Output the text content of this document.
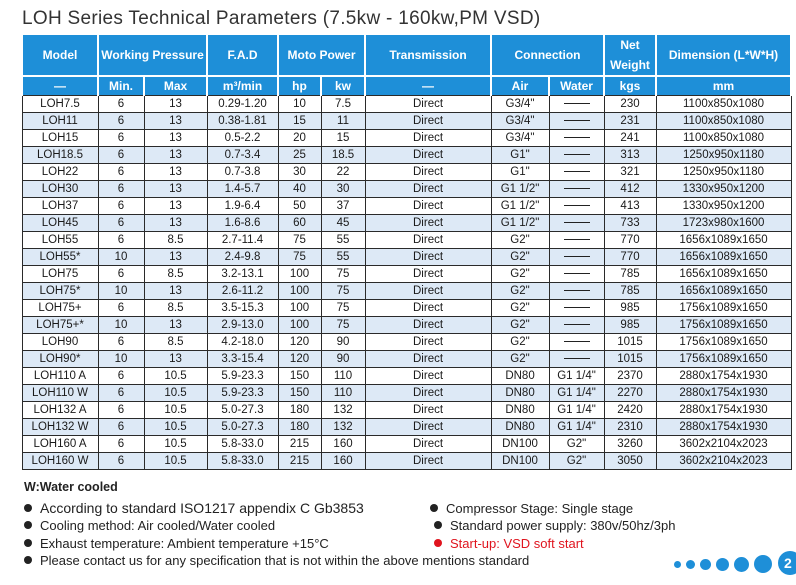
LOH Series Technical Parameters (7.5kw - 160kw,PM VSD)
Model	Working Pressure		F.A.D	Moto Power		Transmission	Connection		Net Weight	Dimension (L*W*H)

—	Min.	Max	m³/min	hp	kw	—	Air	Water	kgs	mm
LOH7.5	6	13	0.29-1.20	10	7.5	Direct	G3/4"		230	1100x850x1080
LOH11	6	13	0.38-1.81	15	11	Direct	G3/4"		231	1100x850x1080
LOH15	6	13	0.5-2.2	20	15	Direct	G3/4"		241	1100x850x1080
LOH18.5	6	13	0.7-3.4	25	18.5	Direct	G1"		313	1250x950x1180
LOH22	6	13	0.7-3.8	30	22	Direct	G1"		321	1250x950x1180
LOH30	6	13	1.4-5.7	40	30	Direct	G1 1/2"		412	1330x950x1200
LOH37	6	13	1.9-6.4	50	37	Direct	G1 1/2"		413	1330x950x1200
LOH45	6	13	1.6-8.6	60	45	Direct	G1 1/2"		733	1723x980x1600
LOH55	6	8.5	2.7-11.4	75	55	Direct	G2"		770	1656x1089x1650
LOH55*	10	13	2.4-9.8	75	55	Direct	G2"		770	1656x1089x1650
LOH75	6	8.5	3.2-13.1	100	75	Direct	G2"		785	1656x1089x1650
LOH75*	10	13	2.6-11.2	100	75	Direct	G2"		785	1656x1089x1650
LOH75+	6	8.5	3.5-15.3	100	75	Direct	G2"		985	1756x1089x1650
LOH75+*	10	13	2.9-13.0	100	75	Direct	G2"		985	1756x1089x1650
LOH90	6	8.5	4.2-18.0	120	90	Direct	G2"		1015	1756x1089x1650
LOH90*	10	13	3.3-15.4	120	90	Direct	G2"		1015	1756x1089x1650
LOH110 A	6	10.5	5.9-23.3	150	110	Direct	DN80	G1 1/4"	2370	2880x1754x1930
LOH110 W	6	10.5	5.9-23.3	150	110	Direct	DN80	G1 1/4"	2270	2880x1754x1930
LOH132 A	6	10.5	5.0-27.3	180	132	Direct	DN80	G1 1/4"	2420	2880x1754x1930
LOH132 W	6	10.5	5.0-27.3	180	132	Direct	DN80	G1 1/4"	2310	2880x1754x1930
LOH160 A	6	10.5	5.8-33.0	215	160	Direct	DN100	G2"	3260	3602x2104x2023
LOH160 W	6	10.5	5.8-33.0	215	160	Direct	DN100	G2"	3050	3602x2104x2023
W:Water cooled
According to standard ISO1217 appendix C Gb3853
Cooling method: Air cooled/Water cooled
Exhaust temperature: Ambient temperature +15°C
Please contact us for any specification that is not within the above mentions standard
Compressor Stage: Single stage
Standard power supply: 380v/50hz/3ph
Start-up: VSD soft start
2
